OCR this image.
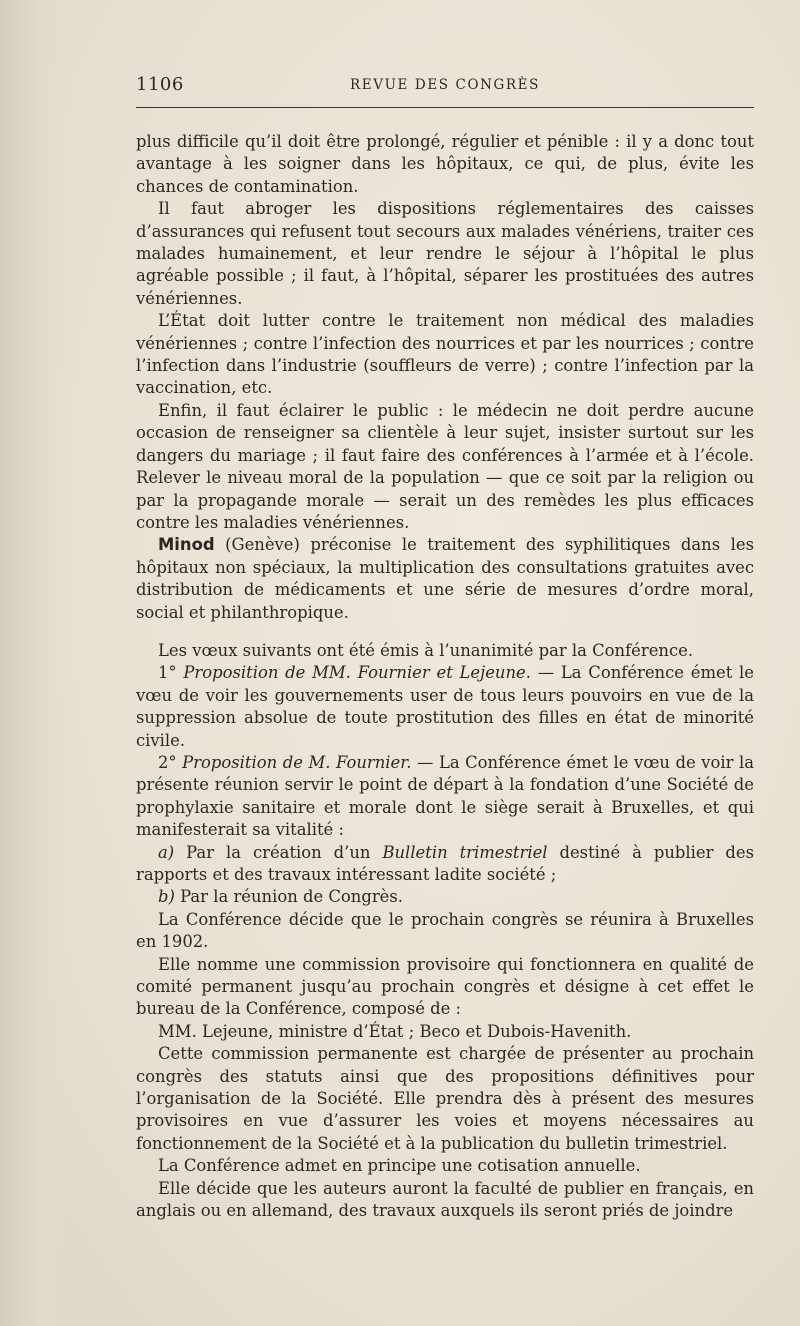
1106	REVUE DES CONGRÈS

plus difficile qu’il doit être prolongé, régulier et pénible : il y a donc tout avantage à les soigner dans les hôpitaux, ce qui, de plus, évite les chances de contamination.

Il faut abroger les dispositions réglementaires des caisses d’assurances qui refusent tout secours aux malades vénériens, traiter ces malades humainement, et leur rendre le séjour à l’hôpital le plus agréable possible ; il faut, à l’hôpital, séparer les prostituées des autres vénériennes.

L’État doit lutter contre le traitement non médical des maladies vénériennes ; contre l’infection des nourrices et par les nourrices ; contre l’infection dans l’industrie (souffleurs de verre) ; contre l’infection par la vaccination, etc.

Enfin, il faut éclairer le public : le médecin ne doit perdre aucune occasion de renseigner sa clientèle à leur sujet, insister surtout sur les dangers du mariage ; il faut faire des conférences à l’armée et à l’école. Relever le niveau moral de la population — que ce soit par la religion ou par la propagande morale — serait un des remèdes les plus efficaces contre les maladies vénériennes.

Minod (Genève) préconise le traitement des syphilitiques dans les hôpitaux non spéciaux, la multiplication des consultations gratuites avec distribution de médicaments et une série de mesures d’ordre moral, social et philanthropique.

Les vœux suivants ont été émis à l’unanimité par la Conférence.

1° Proposition de MM. Fournier et Lejeune. — La Conférence émet le vœu de voir les gouvernements user de tous leurs pouvoirs en vue de la suppression absolue de toute prostitution des filles en état de minorité civile.

2° Proposition de M. Fournier. — La Conférence émet le vœu de voir la présente réunion servir le point de départ à la fondation d’une Société de prophylaxie sanitaire et morale dont le siège serait à Bruxelles, et qui manifesterait sa vitalité :

a) Par la création d’un Bulletin trimestriel destiné à publier des rapports et des travaux intéressant ladite société ;

b) Par la réunion de Congrès.

La Conférence décide que le prochain congrès se réunira à Bruxelles en 1902.

Elle nomme une commission provisoire qui fonctionnera en qualité de comité permanent jusqu’au prochain congrès et désigne à cet effet le bureau de la Conférence, composé de :

MM. Lejeune, ministre d’État ; Beco et Dubois-Havenith.

Cette commission permanente est chargée de présenter au prochain congrès des statuts ainsi que des propositions définitives pour l’organisation de la Société. Elle prendra dès à présent des mesures provisoires en vue d’assurer les voies et moyens nécessaires au fonctionnement de la Société et à la publication du bulletin trimestriel.

La Conférence admet en principe une cotisation annuelle.

Elle décide que les auteurs auront la faculté de publier en français, en anglais ou en allemand, des travaux auxquels ils seront priés de joindre
